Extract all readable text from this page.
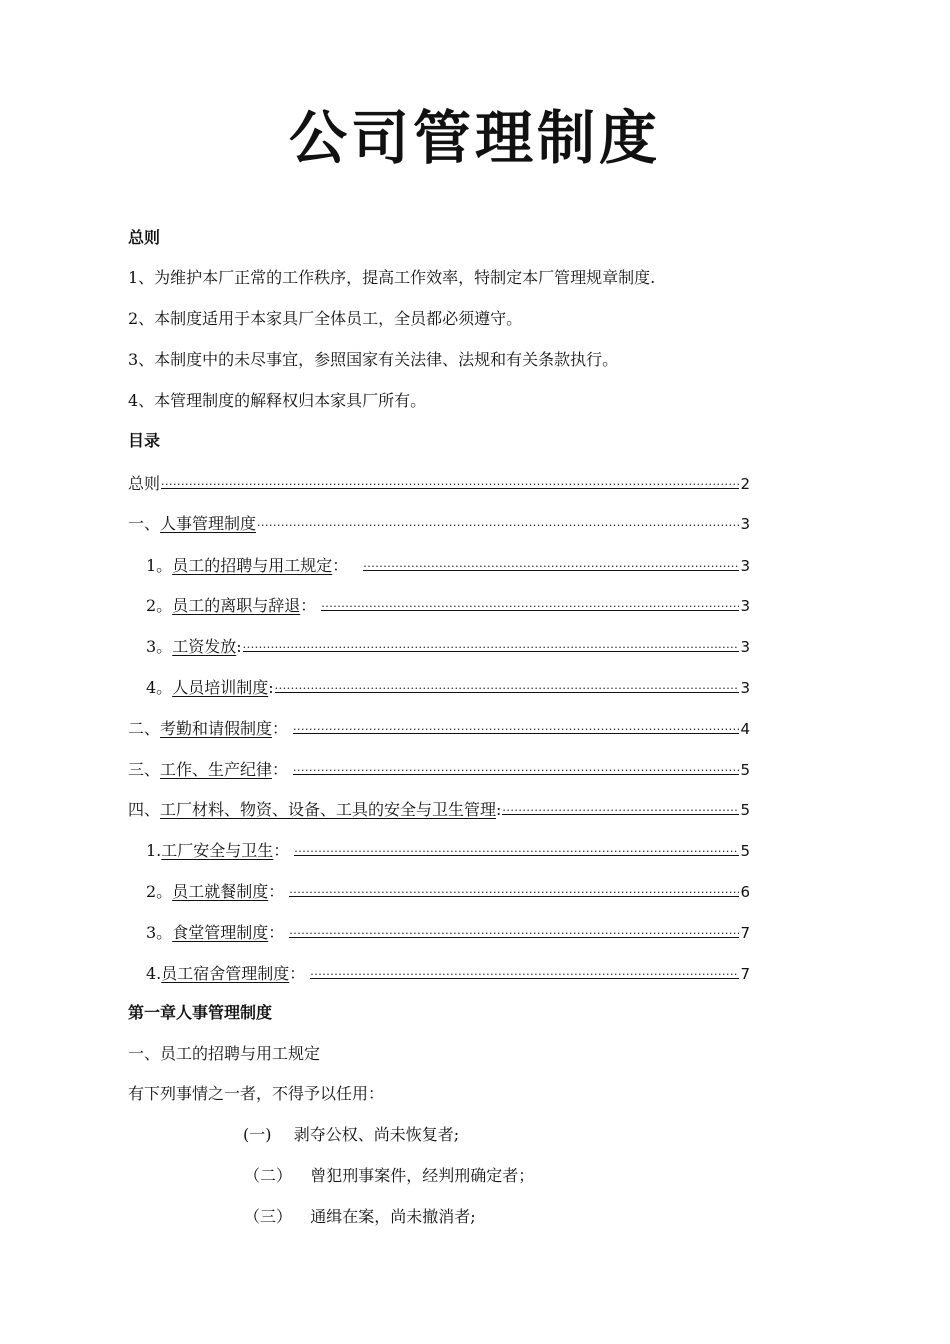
公司管理制度
总则
1、为维护本厂正常的工作秩序，提高工作效率，特制定本厂管理规章制度.
2、本制度适用于本家具厂全体员工，全员都必须遵守。
3、本制度中的未尽事宜，参照国家有关法律、法规和有关条款执行。
4、本管理制度的解释权归本家具厂所有。
目录
总则 .....	2
一、 人事管理制度 .....	3
1。 员工的招聘与用工规定 ： .....	3
2。 员工的离职与辞退 ： .....	3
3。 工资发放 : .....	3
4。 人员培训制度 : .....	3
二、 考勤和请假制度 ： .....	4
三、 工作、生产纪律 ： .....	5
四、 工厂材料、物资、设备、工具的安全与卫生管理 : .....	5
1. 工厂安全与卫生 ： .....	5
2。 员工就餐制度 ： .....	6
3。 食堂管理制度 ： .....	7
4. 员工宿舍管理制度 ： .....	7
第一章人事管理制度
一、员工的招聘与用工规定
有下列事情之一者，不得予以任用：
(一) 剥夺公权、尚未恢复者;
（二） 曾犯刑事案件，经判刑确定者；
（三） 通缉在案，尚未撤消者;
